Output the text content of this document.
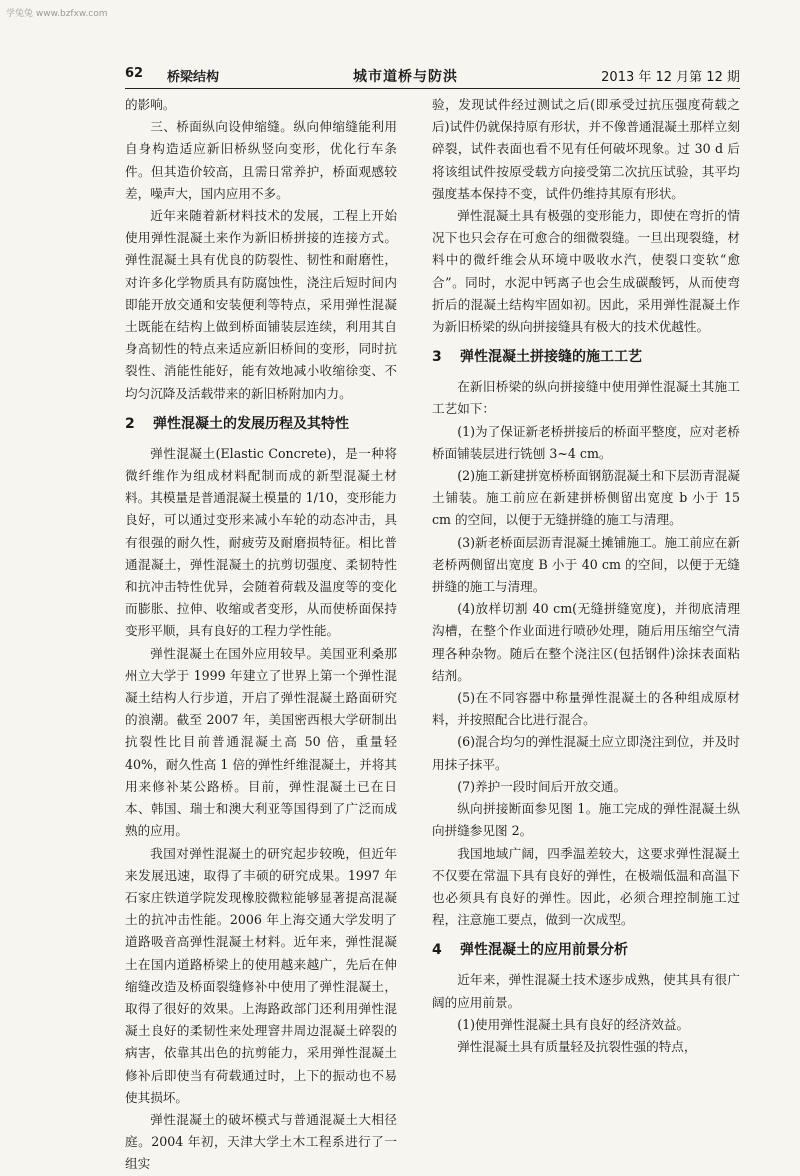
学兔兔 www.bzfxw.com
62 桥梁结构	城市道桥与防洪	2013 年 12 月第 12 期

的影响。

三、桥面纵向设伸缩缝。纵向伸缩缝能利用自身构造适应新旧桥纵竖向变形，优化行车条件。但其造价较高，且需日常养护，桥面观感较差，噪声大，国内应用不多。

近年来随着新材料技术的发展，工程上开始使用弹性混凝土来作为新旧桥拼接的连接方式。弹性混凝土具有优良的防裂性、韧性和耐磨性，对许多化学物质具有防腐蚀性，浇注后短时间内即能开放交通和安装便利等特点，采用弹性混凝土既能在结构上做到桥面铺装层连续，利用其自身高韧性的特点来适应新旧桥间的变形，同时抗裂性、消能性能好，能有效地减小收缩徐变、不均匀沉降及活载带来的新旧桥附加内力。

2 弹性混凝土的发展历程及其特性

弹性混凝土(Elastic Concrete)，是一种将微纤维作为组成材料配制而成的新型混凝土材料。其模量是普通混凝土模量的 1/10，变形能力良好，可以通过变形来减小车轮的动态冲击，具有很强的耐久性，耐疲劳及耐磨损特征。相比普通混凝土，弹性混凝土的抗剪切强度、柔韧特性和抗冲击特性优异，会随着荷载及温度等的变化而膨胀、拉伸、收缩或者变形，从而使桥面保持变形平顺，具有良好的工程力学性能。

弹性混凝土在国外应用较早。美国亚利桑那州立大学于 1999 年建立了世界上第一个弹性混凝土结构人行步道，开启了弹性混凝土路面研究的浪潮。截至 2007 年，美国密西根大学研制出抗裂性比目前普通混凝土高 50 倍，重量轻 40%，耐久性高 1 倍的弹性纤维混凝土，并将其用来修补某公路桥。目前，弹性混凝土已在日本、韩国、瑞士和澳大利亚等国得到了广泛而成熟的应用。

我国对弹性混凝土的研究起步较晚，但近年来发展迅速，取得了丰硕的研究成果。1997 年石家庄铁道学院发现橡胶微粒能够显著提高混凝土的抗冲击性能。2006 年上海交通大学发明了道路吸音高弹性混凝土材料。近年来，弹性混凝土在国内道路桥梁上的使用越来越广，先后在伸缩缝改造及桥面裂缝修补中使用了弹性混凝土，取得了很好的效果。上海路政部门还利用弹性混凝土良好的柔韧性来处理窨井周边混凝土碎裂的病害，依靠其出色的抗剪能力，采用弹性混凝土修补后即使当有荷载通过时，上下的振动也不易使其损坏。

弹性混凝土的破坏模式与普通混凝土大相径庭。2004 年初，天津大学土木工程系进行了一组实

验，发现试件经过测试之后(即承受过抗压强度荷载之后)试件仍就保持原有形状，并不像普通混凝土那样立刻碎裂，试件表面也看不见有任何破坏现象。过 30 d 后将该组试件按原受载方向接受第二次抗压试验，其平均强度基本保持不变，试件仍维持其原有形状。

弹性混凝土具有极强的变形能力，即使在弯折的情况下也只会存在可愈合的细微裂缝。一旦出现裂缝，材料中的微纤维会从环境中吸收水汽，使裂口变软“愈合”。同时，水泥中钙离子也会生成碳酸钙，从而使弯折后的混凝土结构牢固如初。因此，采用弹性混凝土作为新旧桥梁的纵向拼接缝具有极大的技术优越性。

3 弹性混凝土拼接缝的施工工艺

在新旧桥梁的纵向拼接缝中使用弹性混凝土其施工工艺如下：

(1)为了保证新老桥拼接后的桥面平整度，应对老桥桥面铺装层进行铣刨 3~4 cm。

(2)施工新建拼宽桥桥面钢筋混凝土和下层沥青混凝土铺装。施工前应在新建拼桥侧留出宽度 b 小于 15 cm 的空间，以便于无缝拼缝的施工与清理。

(3)新老桥面层沥青混凝土摊铺施工。施工前应在新老桥两侧留出宽度 B 小于 40 cm 的空间，以便于无缝拼缝的施工与清理。

(4)放样切割 40 cm(无缝拼缝宽度)，并彻底清理沟槽，在整个作业面进行喷砂处理，随后用压缩空气清理各种杂物。随后在整个浇注区(包括钢件)涂抹表面粘结剂。

(5)在不同容器中称量弹性混凝土的各种组成原材料，并按照配合比进行混合。

(6)混合均匀的弹性混凝土应立即浇注到位，并及时用抹子抹平。

(7)养护一段时间后开放交通。

纵向拼接断面参见图 1。施工完成的弹性混凝土纵向拼缝参见图 2。

我国地域广阔，四季温差较大，这要求弹性混凝土不仅要在常温下具有良好的弹性，在极端低温和高温下也必须具有良好的弹性。因此，必须合理控制施工过程，注意施工要点，做到一次成型。

4 弹性混凝土的应用前景分析

近年来，弹性混凝土技术逐步成熟，使其具有很广阔的应用前景。

(1)使用弹性混凝土具有良好的经济效益。

弹性混凝土具有质量轻及抗裂性强的特点，
